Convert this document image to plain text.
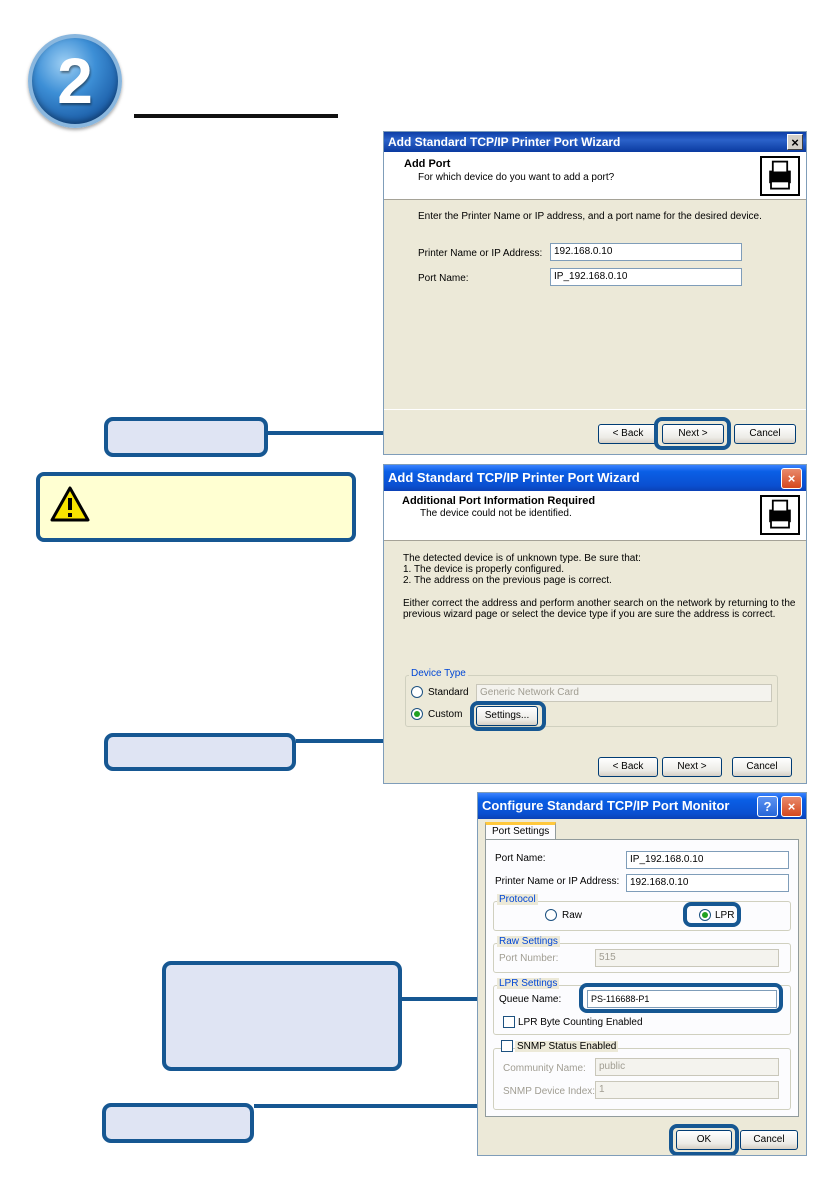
2
Add Standard TCP/IP Printer Port Wizard	×
Add Port
For which device do you want to add a port?
Enter the Printer Name or IP address, and a port name for the desired device.
Printer Name or IP Address:	192.168.0.10
Port Name:	IP_192.168.0.10
< Back	Next >	Cancel
Add Standard TCP/IP Printer Port Wizard	×
Additional Port Information Required
The device could not be identified.
The detected device is of unknown type. Be sure that:
1. The device is properly configured.
2. The address on the previous page is correct.
Either correct the address and perform another search on the network by returning to the
previous wizard page or select the device type if you are sure the address is correct.
Device Type
Standard	Generic Network Card
Custom	Settings...
< Back	Next >	Cancel
Configure Standard TCP/IP Port Monitor	?	×
Port Settings
Port Name:	IP_192.168.0.10
Printer Name or IP Address:	192.168.0.10
Protocol
Raw	LPR
Raw Settings
Port Number:	515
LPR Settings
Queue Name:	PS-116688-P1
LPR Byte Counting Enabled
SNMP Status Enabled
Community Name:	public
SNMP Device Index: 1
OK	Cancel
